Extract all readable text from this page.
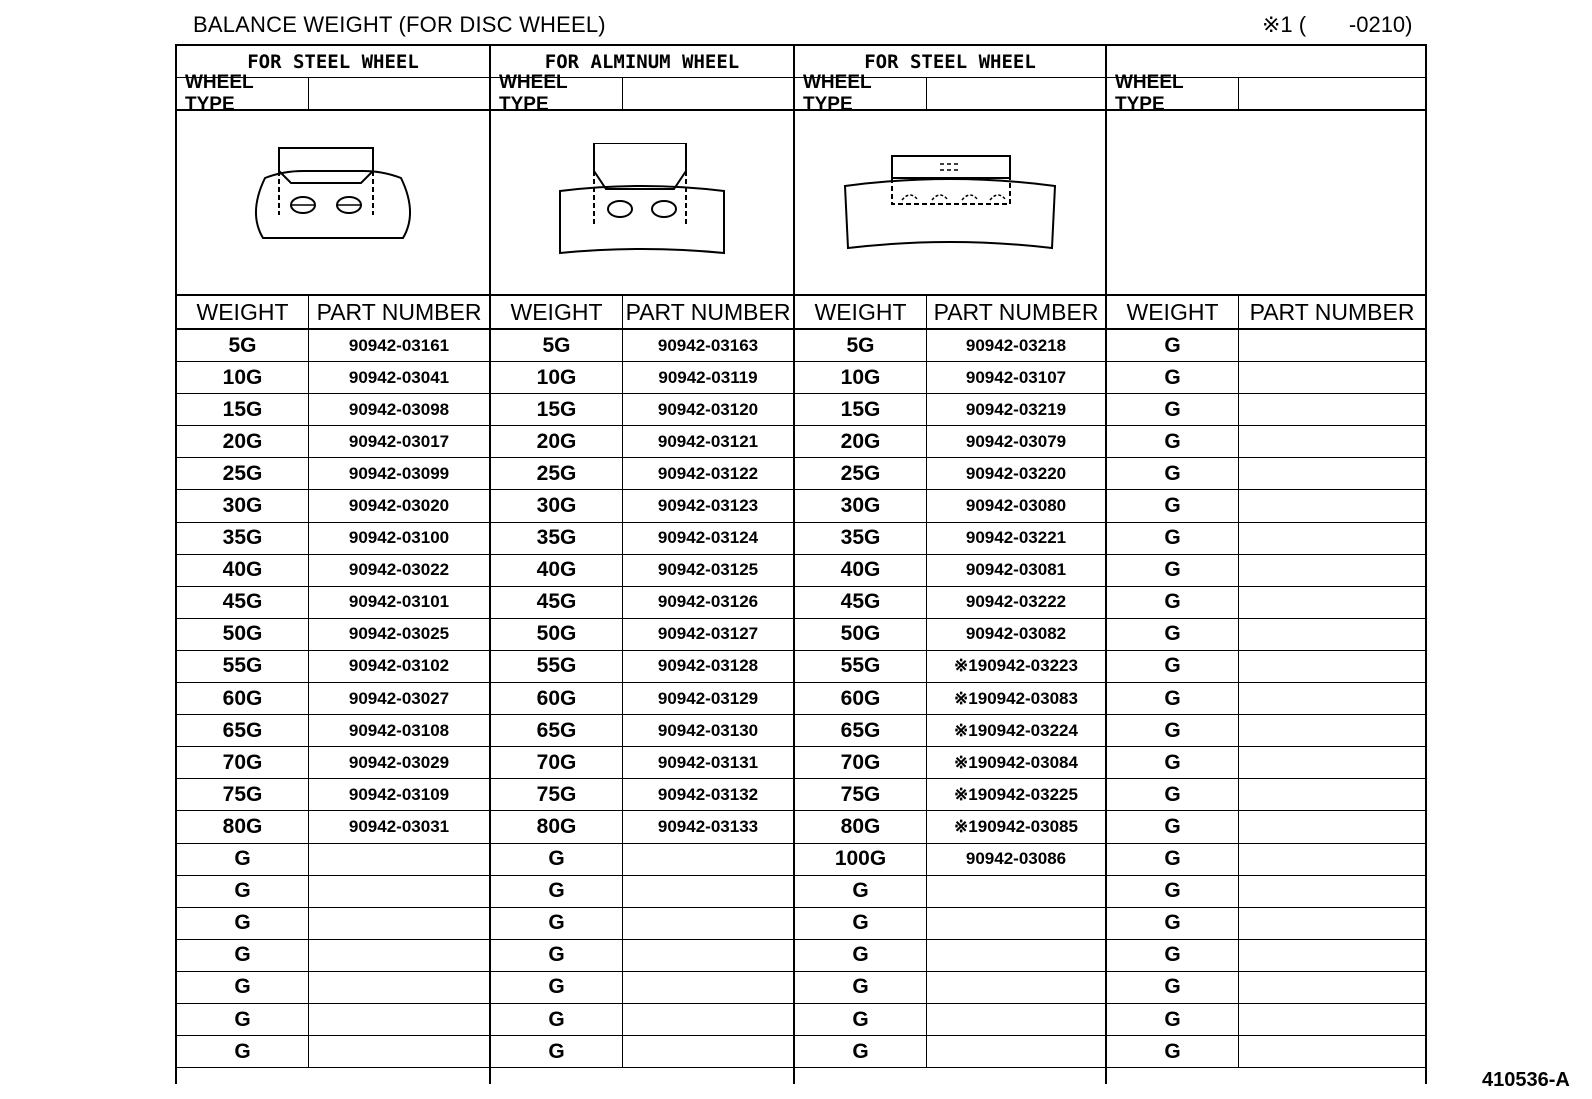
BALANCE WEIGHT (FOR DISC WHEEL)	※1 (       -0210)
410536-A
FOR STEEL WHEEL
WHEEL TYPE
WEIGHT	PART NUMBER
5G	90942-03161
10G	90942-03041
15G	90942-03098
20G	90942-03017
25G	90942-03099
30G	90942-03020
35G	90942-03100
40G	90942-03022
45G	90942-03101
50G	90942-03025
55G	90942-03102
60G	90942-03027
65G	90942-03108
70G	90942-03029
75G	90942-03109
80G	90942-03031
G
G
G
G
G
G
G
FOR ALMINUM WHEEL
WHEEL TYPE
WEIGHT	PART NUMBER
5G	90942-03163
10G	90942-03119
15G	90942-03120
20G	90942-03121
25G	90942-03122
30G	90942-03123
35G	90942-03124
40G	90942-03125
45G	90942-03126
50G	90942-03127
55G	90942-03128
60G	90942-03129
65G	90942-03130
70G	90942-03131
75G	90942-03132
80G	90942-03133
G
G
G
G
G
G
G
FOR STEEL WHEEL
WHEEL TYPE
WEIGHT	PART NUMBER
5G	90942-03218
10G	90942-03107
15G	90942-03219
20G	90942-03079
25G	90942-03220
30G	90942-03080
35G	90942-03221
40G	90942-03081
45G	90942-03222
50G	90942-03082
55G	※190942-03223
60G	※190942-03083
65G	※190942-03224
70G	※190942-03084
75G	※190942-03225
80G	※190942-03085
100G	90942-03086
G
G
G
G
G
G
WHEEL TYPE
WEIGHT	PART NUMBER
G
G
G
G
G
G
G
G
G
G
G
G
G
G
G
G
G
G
G
G
G
G
G
